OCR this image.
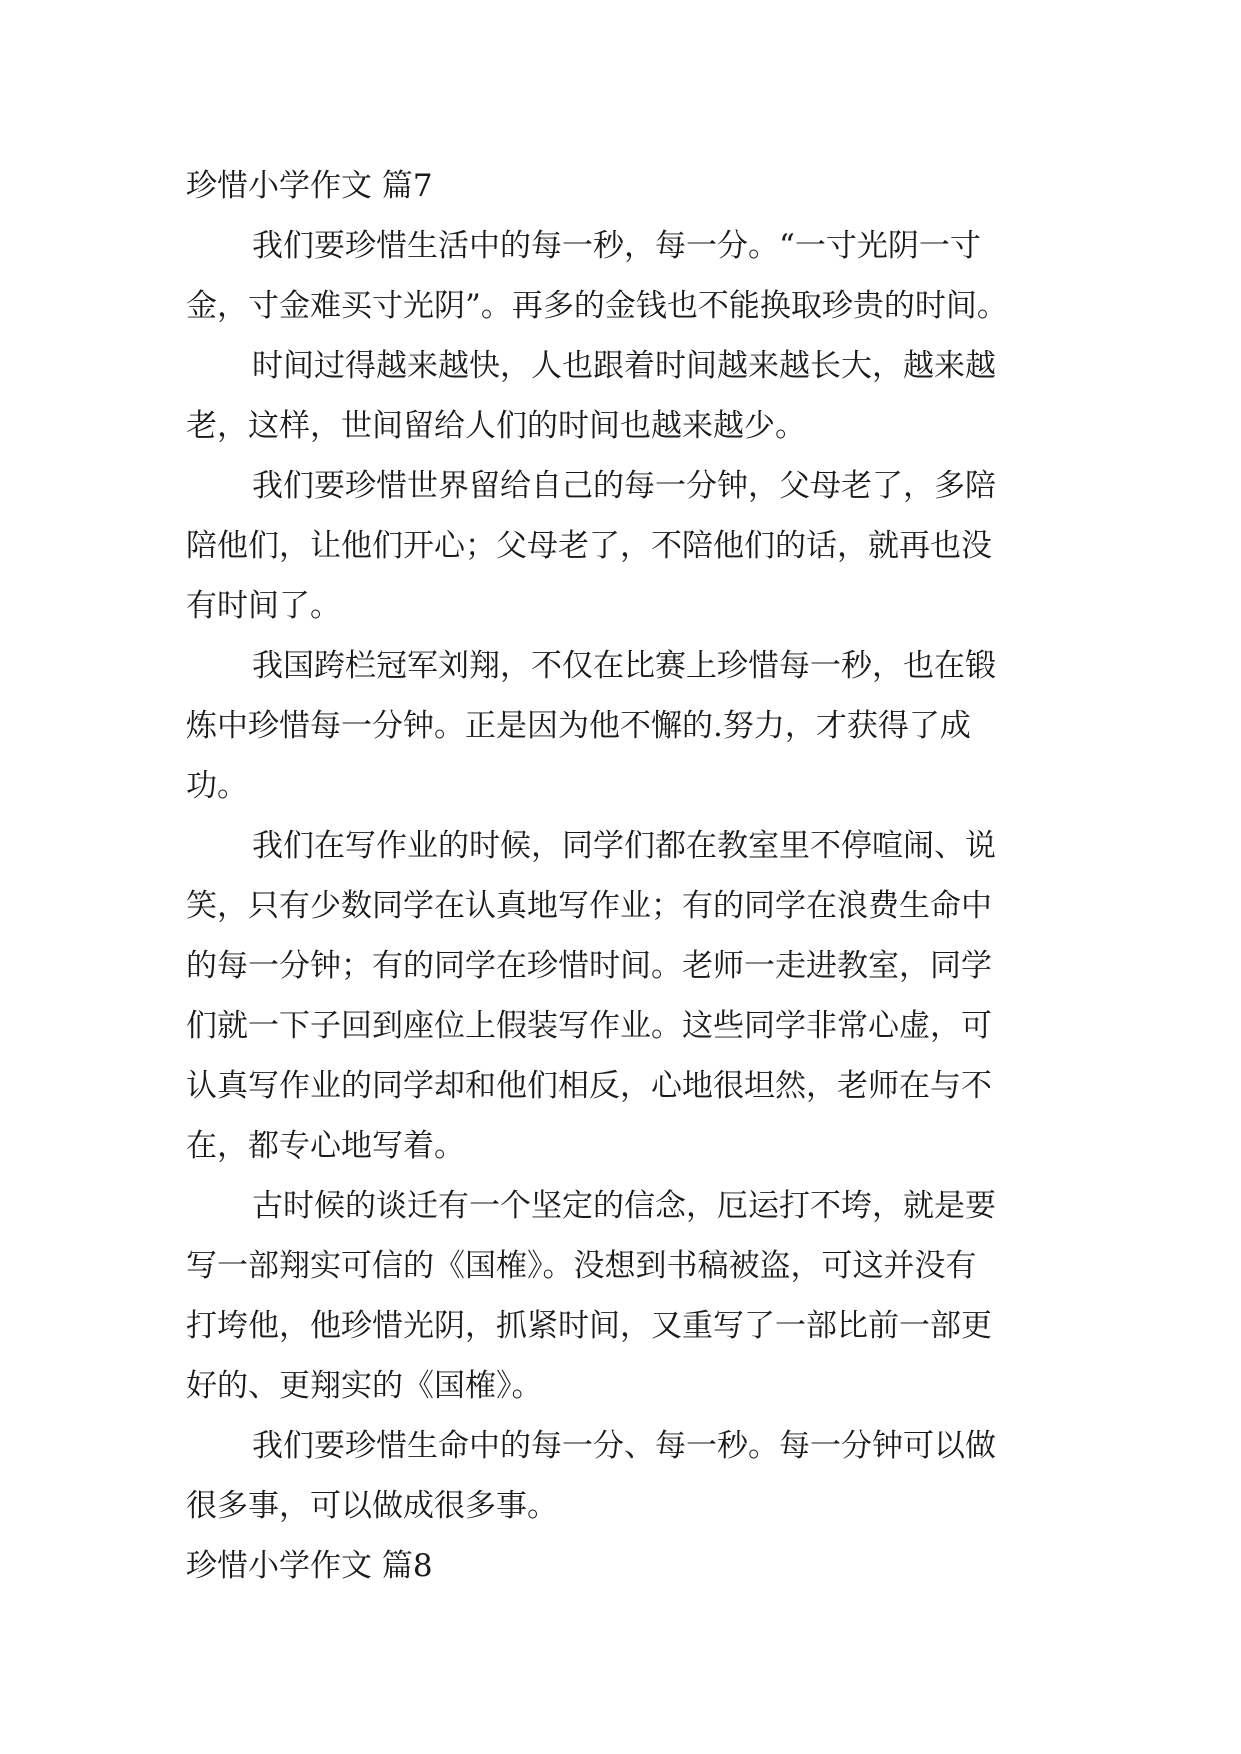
珍惜小学作文 篇7
我们要珍惜生活中的每一秒，每一分。“一寸光阴一寸
金，寸金难买寸光阴”。再多的金钱也不能换取珍贵的时间。
时间过得越来越快，人也跟着时间越来越长大，越来越
老，这样，世间留给人们的时间也越来越少。
我们要珍惜世界留给自己的每一分钟，父母老了，多陪
陪他们，让他们开心；父母老了，不陪他们的话，就再也没
有时间了。
我国跨栏冠军刘翔，不仅在比赛上珍惜每一秒，也在锻
炼中珍惜每一分钟。正是因为他不懈的.努力，才获得了成
功。
我们在写作业的时候，同学们都在教室里不停喧闹、说
笑，只有少数同学在认真地写作业；有的同学在浪费生命中
的每一分钟；有的同学在珍惜时间。老师一走进教室，同学
们就一下子回到座位上假装写作业。这些同学非常心虚，可
认真写作业的同学却和他们相反，心地很坦然，老师在与不
在，都专心地写着。
古时候的谈迁有一个坚定的信念，厄运打不垮，就是要
写一部翔实可信的《国榷》。没想到书稿被盗，可这并没有
打垮他，他珍惜光阴，抓紧时间，又重写了一部比前一部更
好的、更翔实的《国榷》。
我们要珍惜生命中的每一分、每一秒。每一分钟可以做
很多事，可以做成很多事。
珍惜小学作文 篇8
